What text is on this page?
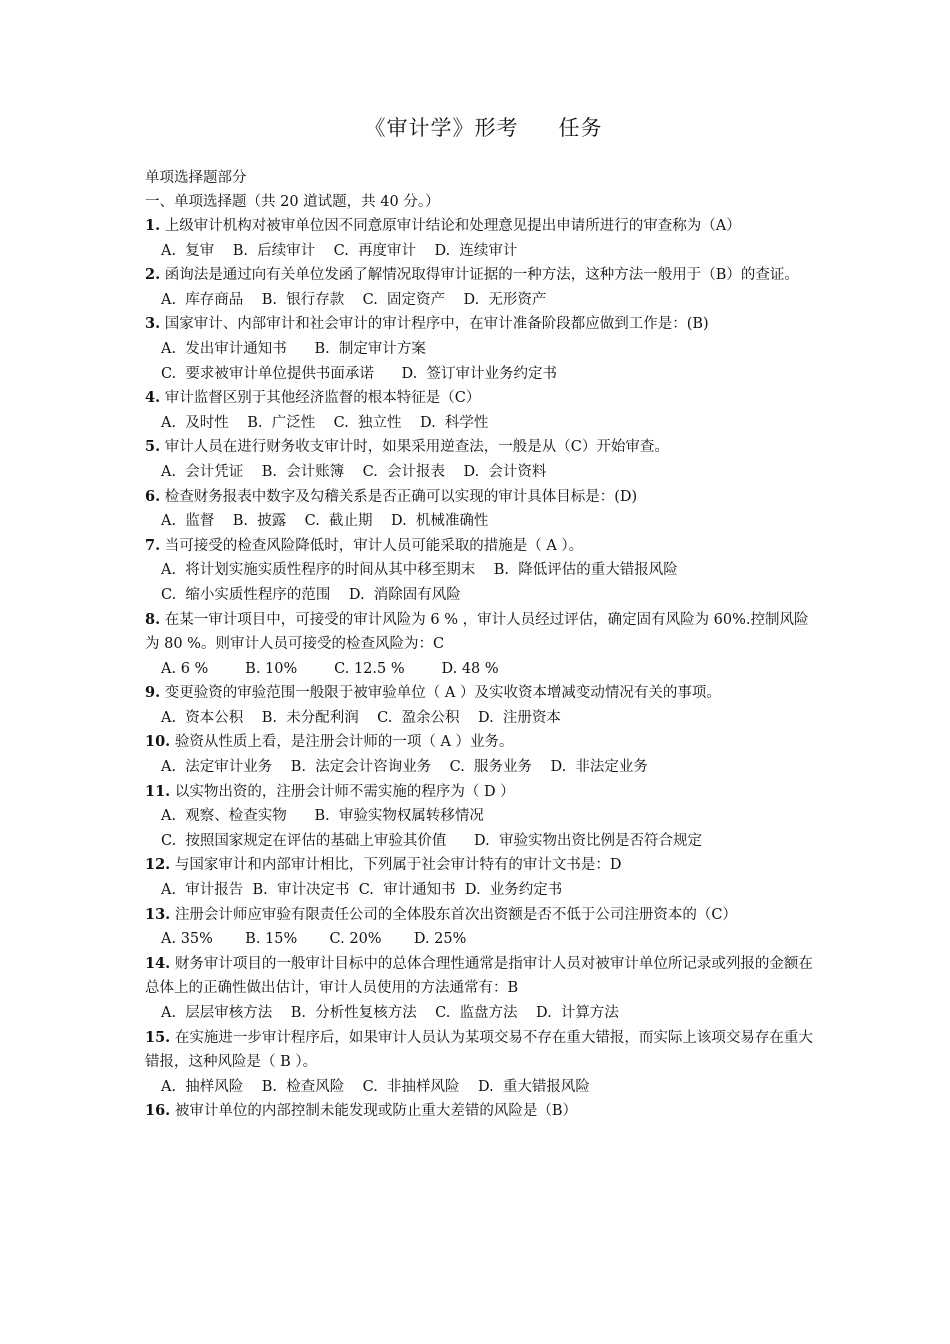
《审计学》形考 任务
单项选择题部分
一、单项选择题（共 20 道试题，共 40 分。）
1. 上级审计机构对被审单位因不同意原审计结论和处理意见提出申请所进行的审查称为（A）
A.  复审    B.  后续审计    C.  再度审计    D.  连续审计
2. 函询法是通过向有关单位发函了解情况取得审计证据的一种方法，这种方法一般用于（B）的查证。
A.  库存商品    B.  银行存款    C.  固定资产    D.  无形资产
3. 国家审计、内部审计和社会审计的审计程序中，在审计准备阶段都应做到工作是：(B)
A.  发出审计通知书      B.  制定审计方案
C.  要求被审计单位提供书面承诺      D.  签订审计业务约定书
4. 审计监督区别于其他经济监督的根本特征是（C）
A.  及时性    B.  广泛性    C.  独立性    D.  科学性
5. 审计人员在进行财务收支审计时，如果采用逆查法，一般是从（C）开始审查。
A.  会计凭证    B.  会计账簿    C.  会计报表    D.  会计资料
6. 检查财务报表中数字及勾稽关系是否正确可以实现的审计具体目标是：(D)
A.  监督    B.  披露    C.  截止期    D.  机械准确性
7. 当可接受的检查风险降低时，审计人员可能采取的措施是（ A ）。
A.  将计划实施实质性程序的时间从其中移至期末    B.  降低评估的重大错报风险
C.  缩小实质性程序的范围    D.  消除固有风险
8. 在某一审计项目中，可接受的审计风险为 6 % ，审计人员经过评估，确定固有风险为 60%.控制风险为 80 %。则审计人员可接受的检查风险为：C
A. 6 %        B. 10%        C. 12.5 %        D. 48 %
9. 变更验资的审验范围一般限于被审验单位（ A ）及实收资本增减变动情况有关的事项。
A.  资本公积    B.  未分配利润    C.  盈余公积    D.  注册资本
10. 验资从性质上看，是注册会计师的一项（ A ）业务。
A.  法定审计业务    B.  法定会计咨询业务    C.  服务业务    D.  非法定业务
11. 以实物出资的，注册会计师不需实施的程序为（ D ）
A.  观察、检查实物      B.  审验实物权属转移情况
C.  按照国家规定在评估的基础上审验其价值      D.  审验实物出资比例是否符合规定
12. 与国家审计和内部审计相比，下列属于社会审计特有的审计文书是：D
A.  审计报告  B.  审计决定书  C.  审计通知书  D.  业务约定书
13. 注册会计师应审验有限责任公司的全体股东首次出资额是否不低于公司注册资本的（C）
A. 35%       B. 15%       C. 20%       D. 25%
14. 财务审计项目的一般审计目标中的总体合理性通常是指审计人员对被审计单位所记录或列报的金额在总体上的正确性做出估计，审计人员使用的方法通常有：B
A.  层层审核方法    B.  分析性复核方法    C.  监盘方法    D.  计算方法
15. 在实施进一步审计程序后，如果审计人员认为某项交易不存在重大错报，而实际上该项交易存在重大错报，这种风险是（ B ）。
A.  抽样风险    B.  检查风险    C.  非抽样风险    D.  重大错报风险
16. 被审计单位的内部控制未能发现或防止重大差错的风险是（B）
